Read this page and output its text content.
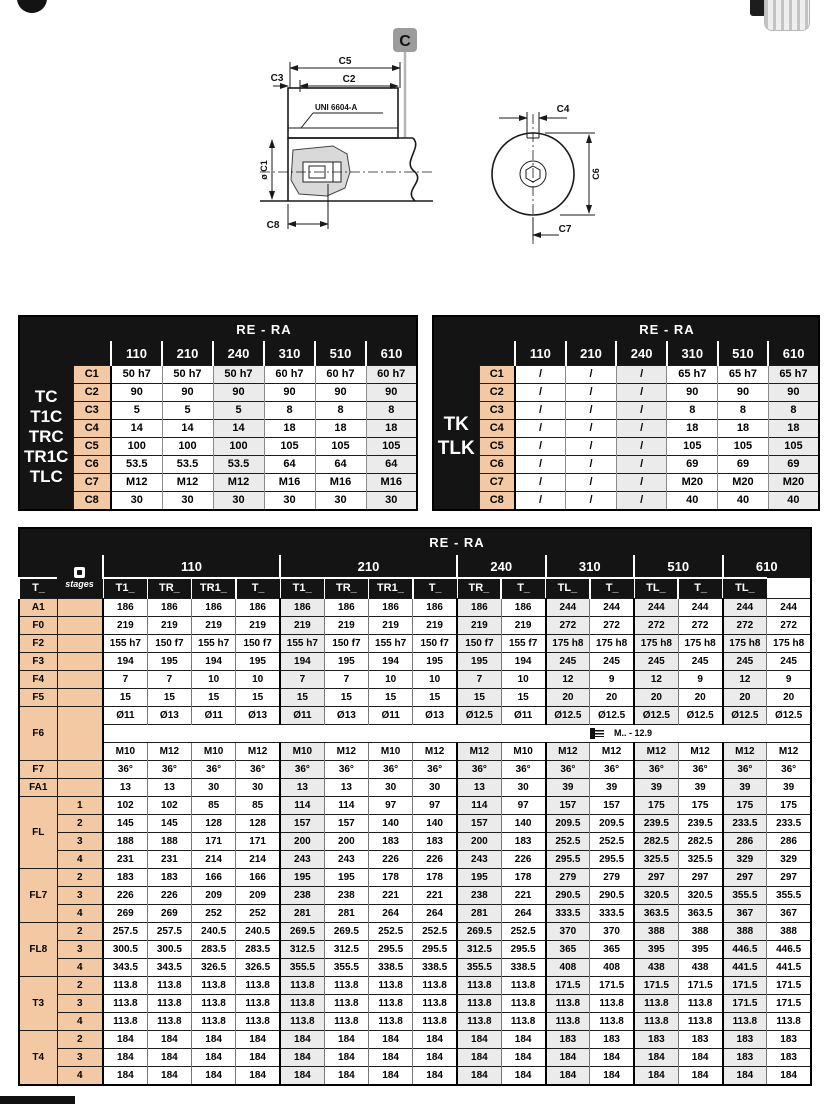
C
UNI 6604-A
C5
C2
C3
ø C1
C8
C4
C6
C7
RE - RA							
		110	210	240	310	510	610

TC
T1C
TRC
TR1C
TLC	C1	50 h7	50 h7	50 h7	60 h7	60 h7	60 h7
	C2	90	90	90	90	90	90
	C3	5	5	5	8	8	8
	C4	14	14	14	18	18	18
	C5	100	100	100	105	105	105
	C6	53.5	53.5	53.5	64	64	64
	C7	M12	M12	M12	M16	M16	M16
	C8	30	30	30	30	30	30
RE - RA							
		110	210	240	310	510	610

TK
TLK	C1	/	/	/	65 h7	65 h7	65 h7
	C2	/	/	/	90	90	90
	C3	/	/	/	8	8	8
	C4	/	/	/	18	18	18
	C5	/	/	/	105	105	105
	C6	/	/	/	69	69	69
	C7	/	/	/	M20	M20	M20
	C8	/	/	/	40	40	40
RE - RA																	

	stages	110				210				240		310		510		610	
T_		T1_	TR_	TR1_	T_	T1_	TR_	TR1_	T_	TR_	T_	TL_	T_	TL_	T_	TL_	
A1		186	186	186	186	186	186	186	186	186	186	244	244	244	244	244	244
F0		219	219	219	219	219	219	219	219	219	219	272	272	272	272	272	272
F2		155 h7	150 f7	155 h7	150 f7	155 h7	150 f7	155 h7	150 f7	150 f7	155 f7	175 h8	175 h8	175 h8	175 h8	175 h8	175 h8
F3		194	195	194	195	194	195	194	195	195	194	245	245	245	245	245	245
F4		7	7	10	10	7	7	10	10	7	10	12	9	12	9	12	9
F5		15	15	15	15	15	15	15	15	15	15	20	20	20	20	20	20
F6		Ø11	Ø13	Ø11	Ø13	Ø11	Ø13	Ø11	Ø13	Ø12.5	Ø11	Ø12.5	Ø12.5	Ø12.5	Ø12.5	Ø12.5	Ø12.5
		M.. - 12.9															
		M10	M12	M10	M12	M10	M12	M10	M12	M12	M10	M12	M12	M12	M12	M12	M12
F7		36°	36°	36°	36°	36°	36°	36°	36°	36°	36°	36°	36°	36°	36°	36°	36°
FA1		13	13	30	30	13	13	30	30	13	30	39	39	39	39	39	39
FL	1	102	102	85	85	114	114	97	97	114	97	157	157	175	175	175	175
	2	145	145	128	128	157	157	140	140	157	140	209.5	209.5	239.5	239.5	233.5	233.5
	3	188	188	171	171	200	200	183	183	200	183	252.5	252.5	282.5	282.5	286	286
	4	231	231	214	214	243	243	226	226	243	226	295.5	295.5	325.5	325.5	329	329
FL7	2	183	183	166	166	195	195	178	178	195	178	279	279	297	297	297	297
	3	226	226	209	209	238	238	221	221	238	221	290.5	290.5	320.5	320.5	355.5	355.5
	4	269	269	252	252	281	281	264	264	281	264	333.5	333.5	363.5	363.5	367	367
FL8	2	257.5	257.5	240.5	240.5	269.5	269.5	252.5	252.5	269.5	252.5	370	370	388	388	388	388
	3	300.5	300.5	283.5	283.5	312.5	312.5	295.5	295.5	312.5	295.5	365	365	395	395	446.5	446.5
	4	343.5	343.5	326.5	326.5	355.5	355.5	338.5	338.5	355.5	338.5	408	408	438	438	441.5	441.5
T3	2	113.8	113.8	113.8	113.8	113.8	113.8	113.8	113.8	113.8	113.8	171.5	171.5	171.5	171.5	171.5	171.5
	3	113.8	113.8	113.8	113.8	113.8	113.8	113.8	113.8	113.8	113.8	113.8	113.8	113.8	113.8	171.5	171.5
	4	113.8	113.8	113.8	113.8	113.8	113.8	113.8	113.8	113.8	113.8	113.8	113.8	113.8	113.8	113.8	113.8
T4	2	184	184	184	184	184	184	184	184	184	184	183	183	183	183	183	183
	3	184	184	184	184	184	184	184	184	184	184	184	184	184	184	183	183
	4	184	184	184	184	184	184	184	184	184	184	184	184	184	184	184	184
